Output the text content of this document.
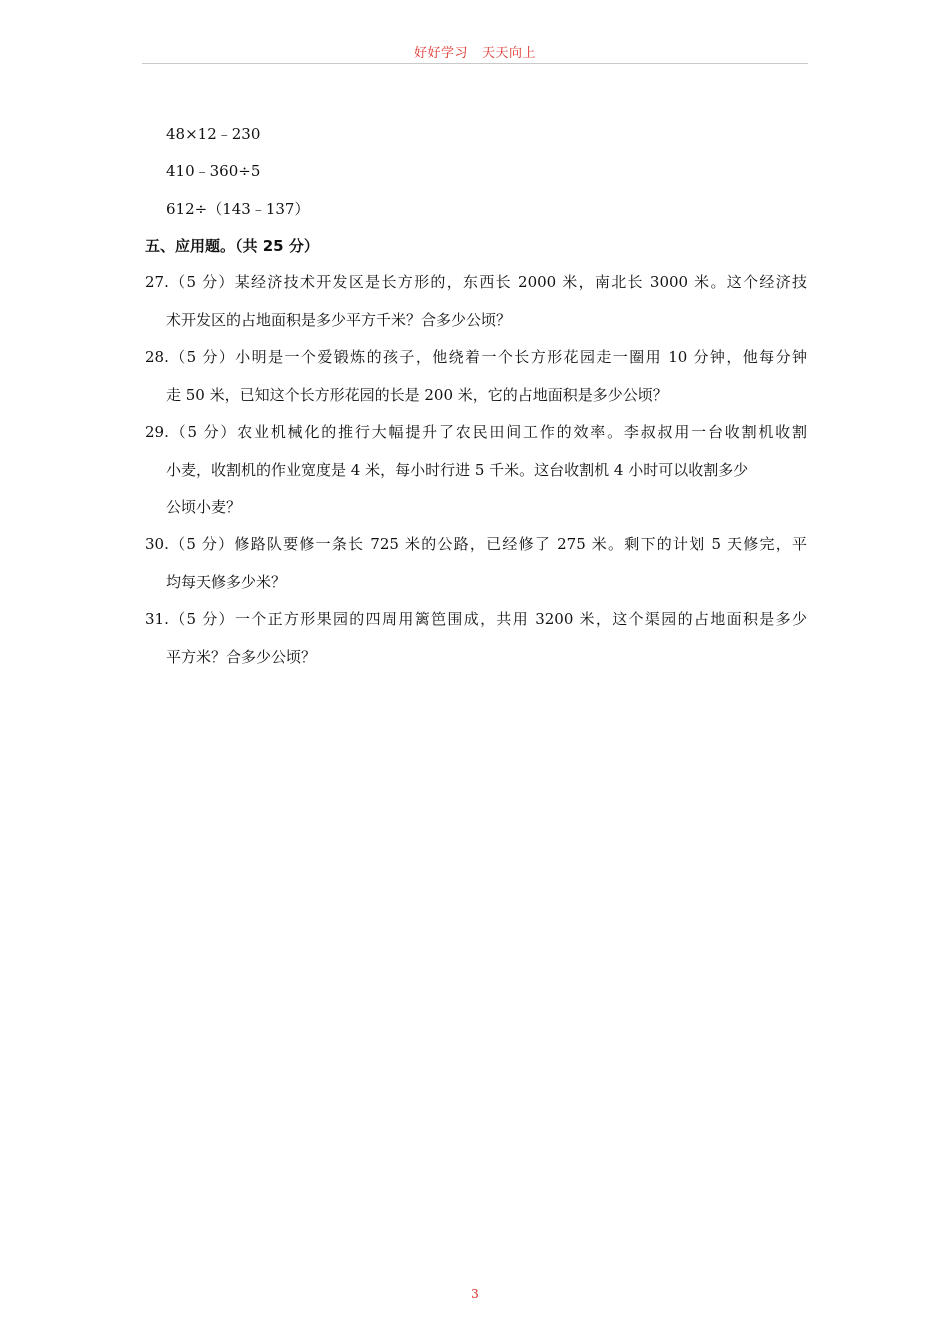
好好学习   天天向上
48×12﹣230
410﹣360÷5
612÷（143﹣137）
五、应用题。（共 25 分）
27.（5 分）某经济技术开发区是长方形的，东西长 2000 米，南北长 3000 米。这个经济技
术开发区的占地面积是多少平方千米？合多少公顷？
28.（5 分）小明是一个爱锻炼的孩子，他绕着一个长方形花园走一圈用 10 分钟，他每分钟
走 50 米，已知这个长方形花园的长是 200 米，它的占地面积是多少公顷？
29.（5 分）农业机械化的推行大幅提升了农民田间工作的效率。李叔叔用一台收割机收割
小麦，收割机的作业宽度是 4 米，每小时行进 5 千米。这台收割机 4 小时可以收割多少
公顷小麦？
30.（5 分）修路队要修一条长 725 米的公路，已经修了 275 米。剩下的计划 5 天修完，平
均每天修多少米？
31.（5 分）一个正方形果园的四周用篱笆围成，共用 3200 米，这个渠园的占地面积是多少
平方米？合多少公顷？
3
